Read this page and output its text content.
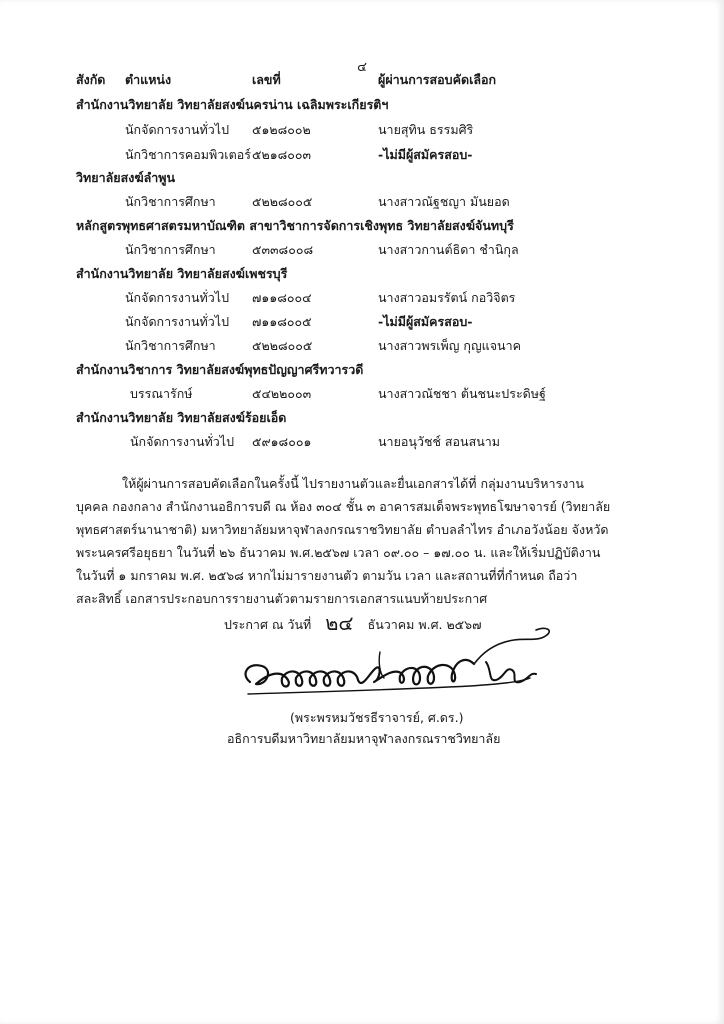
๔
สังกัด ตำแหน่ง	เลขที่	ผู้ผ่านการสอบคัดเลือก
สำนักงานวิทยาลัย วิทยาลัยสงฆ์นครน่าน เฉลิมพระเกียรติฯ
นักจัดการงานทั่วไป ๕๑๒๘๐๐๒	นายสุทิน ธรรมศิริ
นักวิชาการคอมพิวเตอร์ ๕๒๑๘๐๐๓	-ไม่มีผู้สมัครสอบ-
วิทยาลัยสงฆ์ลำพูน
นักวิชาการศึกษา	๕๒๒๘๐๐๕	นางสาวณัฐชญา มันยอด
หลักสูตรพุทธศาสตรมหาบัณฑิต สาขาวิชาการจัดการเชิงพุทธ วิทยาลัยสงฆ์จันทบุรี
นักวิชาการศึกษา	๕๓๓๘๐๐๘	นางสาวกานต์ธิดา ชำนิกุล
สำนักงานวิทยาลัย วิทยาลัยสงฆ์เพชรบุรี
นักจัดการงานทั่วไป ๗๑๑๘๐๐๔	นางสาวอมรรัตน์ กอวิจิตร
นักจัดการงานทั่วไป ๗๑๑๘๐๐๕	-ไม่มีผู้สมัครสอบ-
นักวิชาการศึกษา	๕๒๒๘๐๐๕	นางสาวพรเพ็ญ กุญแจนาค
สำนักงานวิชาการ วิทยาลัยสงฆ์พุทธปัญญาศรีทวารวดี
บรรณารักษ์	๕๔๒๒๐๐๓	นางสาวณัชชา ต้นชนะประดิษฐ์
สำนักงานวิทยาลัย วิทยาลัยสงฆ์ร้อยเอ็ด
นักจัดการงานทั่วไป ๕๙๑๘๐๐๑	นายอนุวัชช์ สอนสนาม
ให้ผู้ผ่านการสอบคัดเลือกในครั้งนี้ ไปรายงานตัวและยื่นเอกสารได้ที่ กลุ่มงานบริหารงาน
บุคคล กองกลาง สำนักงานอธิการบดี ณ ห้อง ๓๐๔ ชั้น ๓ อาคารสมเด็จพระพุทธโฆษาจารย์ (วิทยาลัย
พุทธศาสตร์นานาชาติ) มหาวิทยาลัยมหาจุฬาลงกรณราชวิทยาลัย ตำบลลำไทร อำเภอวังน้อย จังหวัด
พระนครศรีอยุธยา ในวันที่ ๒๖ ธันวาคม พ.ศ.๒๕๖๗ เวลา ๐๙.๐๐ – ๑๗.๐๐ น. และให้เริ่มปฏิบัติงาน
ในวันที่ ๑ มกราคม พ.ศ. ๒๕๖๘ หากไม่มารายงานตัว ตามวัน เวลา และสถานที่ที่กำหนด ถือว่า
สละสิทธิ์ เอกสารประกอบการรายงานตัวตามรายการเอกสารแนบท้ายประกาศ
ประกาศ ณ วันที่ ๒๔ ธันวาคม พ.ศ. ๒๕๖๗
(พระพรหมวัชรธีราจารย์, ศ.ดร.)
อธิการบดีมหาวิทยาลัยมหาจุฬาลงกรณราชวิทยาลัย
